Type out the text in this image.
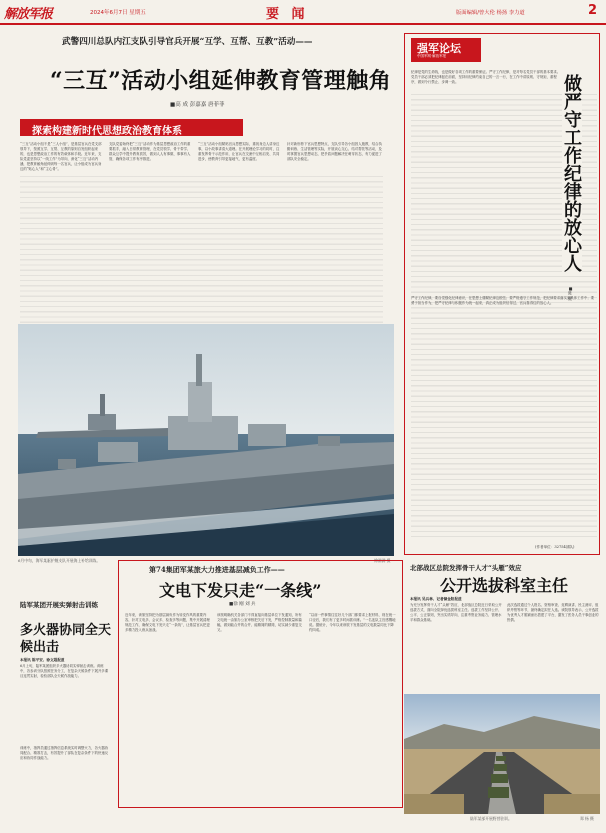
解放军报	2024年6月7日 星期五	要 闻	版面编辑/曾大伦 杨扬 李力道	2
武警四川总队内江支队引导官兵开展“互学、互帮、互教”活动——
“三互”活动小组延伸教育管理触角
■高 成 彭嘉嘉 唐菲菲
探索构建新时代思想政治教育体系
“三互”活动小组不是“三人小组”，是基层官兵在党支部领导下，按照互学、互帮、互教的原则自发组织起来的，也是思想政治工作的有效载体和手段。近年来，支队党委坚持以“一线工作”为导向，深化“三互”活动内涵，把教育触角延伸到每一名官兵，让小组成为官兵身边的“贴心人”和“主心骨”。
支队党委始终把“三互”活动作为基层思想政治工作的重要抓手，融入日常教育管理，在党员领学、骨干带学、群众互学中提升教育质效，做到人人有事做、事事有人管，确保各项工作有序推进。
“三互”活动小组紧贴官兵思想实际，重视身边人讲身边事，以小故事讲清大道理。在开展理论学习的同时，注重发挥骨干示范作用，让官兵在交流中互相启发、共同进步，使教育引导更接地气、更有温度。
针对新形势下官兵思想特点，支队引导各小组因人施教，结合执勤训练、生活管理等实际，开展谈心交心、结对帮扶等活动，及时掌握官兵思想动态，把矛盾问题解决在萌芽状态，有力促进了部队安全稳定。
6月中旬，海军某驱护舰支队开展海上补给训练。	徐满满 摄
强军论坛
中国军网·解放军报
纪律是党的生命线，也是做好各项工作的重要保证。严守工作纪律，是对每名党员干部的基本要求。党员干部必须把纪律挺在前面，坚持用纪律约束自己的一言一行，在工作中讲原则、守规矩、重程序，做到令行禁止、步调一致。
严守工作纪律，要自觉强化纪律意识，在思想上绷紧纪律这根弦；要严格遵守工作规范，把纪律要求落实到具体工作中；要勇于担当作为，把严守纪律与积极作为统一起来，真正成为组织信得过、官兵靠得住的放心人。
(作者单位：32754部队)
做严守工作纪律的放心人
■陈 健
第74集团军某旅大力推进基层减负工作——
文电下发只走“一条线”
■徐 刚 刘 兵
近年来，该旅坚持把为基层减负作为转变作风的重要内容，针对文电多、会议多、检查多等问题，集中开展清理规范工作，确保文电下发只走“一条线”，让基层官兵把更多精力投入练兵备战。
该旅明确机关各部门不得直接向基层单位下发通知，所有文电统一由旅办公室审核把关后下发，严格控制数量和篇幅，做到能合并的合并、能精简的精简，切实减少重复交叉。
“以前一件事情往往好几个部门都要求上报材料，现在统一口径后，我们有了更多时间抓训练。”一名连队主官感慨地说。据统计，今年以来该旅下发基层的文电数量同比下降约四成。
北部战区总院发挥骨干人才“头雁”效应
公开选拔科室主任
本报讯 吴兵林、记者储金阳报道
为充分发挥骨干人才“头雁”效应，北部战区总院近日采取公开选拔方式，面向全院择优选拔科室主任。选拔工作坚持公开、公平、公正原则，突出实绩导向，注重考察业务能力、管理水平和群众基础。
此次选拔通过个人报名、资格审查、竞聘演讲、民主测评、组织考察等环节，最终确定拟任人选。该院领导表示，公开选拔为优秀人才脱颖而出搭建了平台，激发了医务人员干事创业的热情。
陆军某团开展实弹射击训练
多火器协同全天候出击
本报讯 陈平安、徐文超报道
6月上旬，陆军某团组织多火器协同实弹射击训练。训练中，各参训分队按照任务分工，在复杂天候条件下展开多课目连贯实射，检验部队全天候作战能力。
训练中，指挥员通过指挥信息系统实时调整火力，各火器协同配合、精准打击，有效提升了部队在复杂条件下的快速反应和协同作战能力。
陆军某部开展野营驻训。	郑 杨 摄
